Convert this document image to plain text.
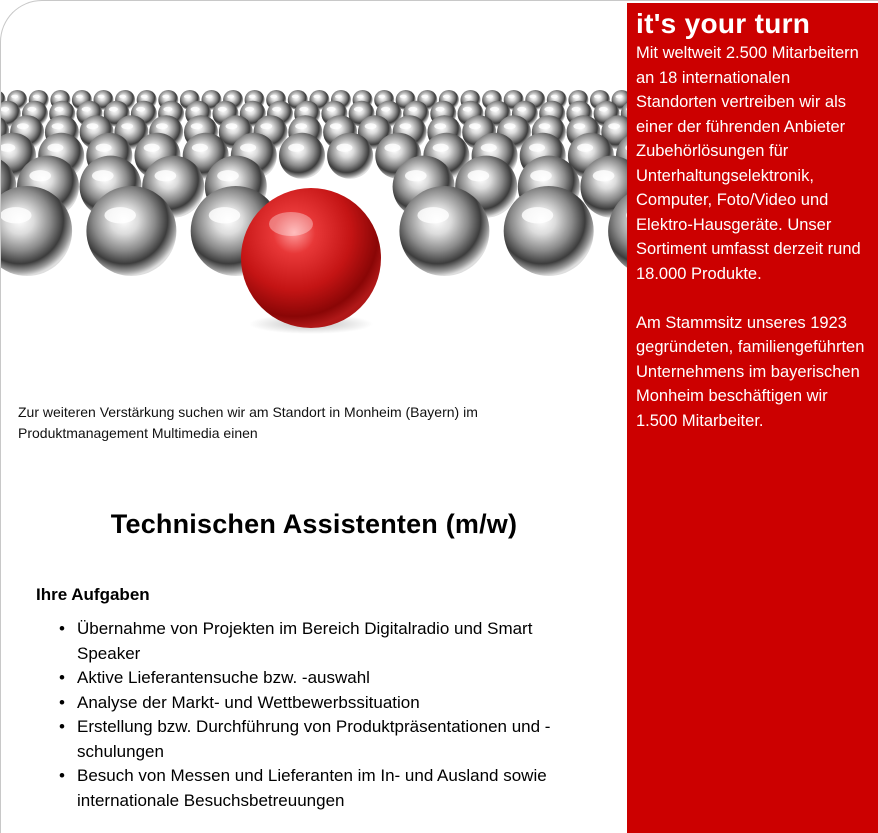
it's your turn

Mit weltweit 2.500 Mitarbeitern an 18 internationalen Standorten vertreiben wir als einer der führenden Anbieter Zubehörlösungen für Unterhaltungselektronik, Computer, Foto/Video und Elektro-Hausgeräte. Unser Sortiment umfasst derzeit rund 18.000 Produkte.

Am Stammsitz unseres 1923 gegründeten, familiengeführten Unternehmens im bayerischen Monheim beschäftigen wir 1.500 Mitarbeiter.

Zur weiteren Verstärkung suchen wir am Standort in Monheim (Bayern) im Produktmanagement Multimedia einen
Technischen Assistenten (m/w)
Ihre Aufgaben
• Übernahme von Projekten im Bereich Digitalradio und Smart Speaker
• Aktive Lieferantensuche bzw. -auswahl
• Analyse der Markt- und Wettbewerbssituation
• Erstellung bzw. Durchführung von Produktpräsentationen und -schulungen
• Besuch von Messen und Lieferanten im In- und Ausland sowie internationale Besuchsbetreuungen
